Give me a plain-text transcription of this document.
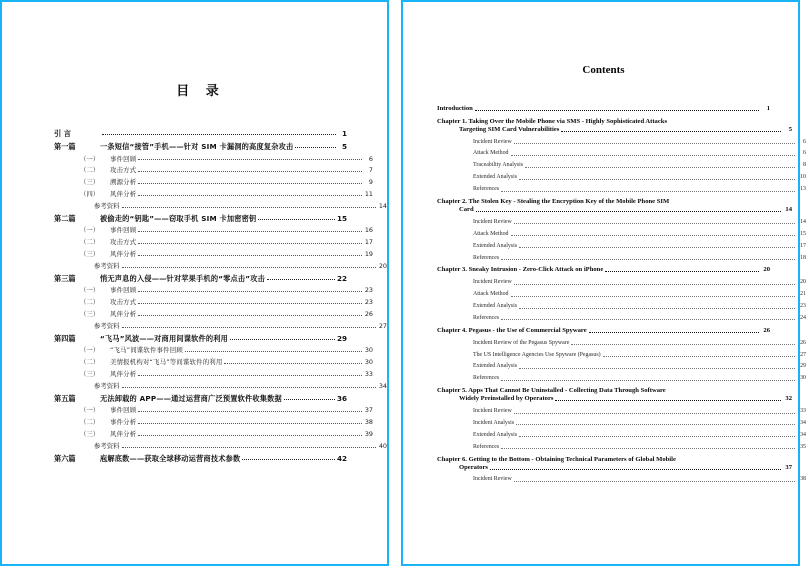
目 录
引 言	1
第一篇	一条短信“接管”手机——针对 SIM 卡漏洞的高度复杂攻击	5
（一）	事件回顾	6
（二）	攻击方式	7
（三）	溯源分析	9
（四）	风伴分析	11
参考资料	14
第二篇	被偷走的“钥匙”——窃取手机 SIM 卡加密密钥	15
（一）	事件回顾	16
（二）	攻击方式	17
（三）	风伴分析	19
参考资料	20
第三篇	悄无声息的入侵——针对苹果手机的“零点击”攻击	22
（一）	事件回顾	23
（二）	攻击方式	23
（三）	风伴分析	26
参考资料	27
第四篇	“飞马”风波——对商用间谍软件的利用	29
（一）	“飞马”间谍软件事件回顾	30
（二）	美情报机构对“飞马”等间谍软件的利用	30
（三）	风伴分析	33
参考资料	34
第五篇	无法卸载的 APP——通过运营商广泛预置软件收集数据	36
（一）	事件回顾	37
（二）	事件分析	38
（三）	风伴分析	39
参考资料	40
第六篇	庖解底数——获取全球移动运营商技术参数	42
Contents
Introduction	1
Chapter 1. Taking Over the Mobile Phone via SMS - Highly Sophisticated Attacks
Targeting SIM Card Vulnerabilities	5
Incident Review	6
Attack Method	6
Traceability Analysis	8
Extended Analysis	10
References	13
Chapter 2. The Stolen Key - Stealing the Encryption Key of the Mobile Phone SIM
Card	14
Incident Review	14
Attack Method	15
Extended Analysis	17
References	18
Chapter 3. Sneaky Intrusion - Zero-Click Attack on iPhone	20
Incident Review	20
Attack Method	21
Extended Analysis	23
References	24
Chapter 4. Pegasus - the Use of Commercial Spyware	26
Incident Review of the Pegasus Spyware	26
The US Intelligence Agencies Use Spyware (Pegasus)	27
Extended Analysis	29
References	30
Chapter 5. Apps That Cannot Be Uninstalled - Collecting Data Through Software
Widely Preinstalled by Operators	32
Incident Review	33
Incident Analysis	34
Extended Analysis	34
References	35
Chapter 6. Getting to the Bottom - Obtaining Technical Parameters of Global Mobile
Operators	37
Incident Review	38
